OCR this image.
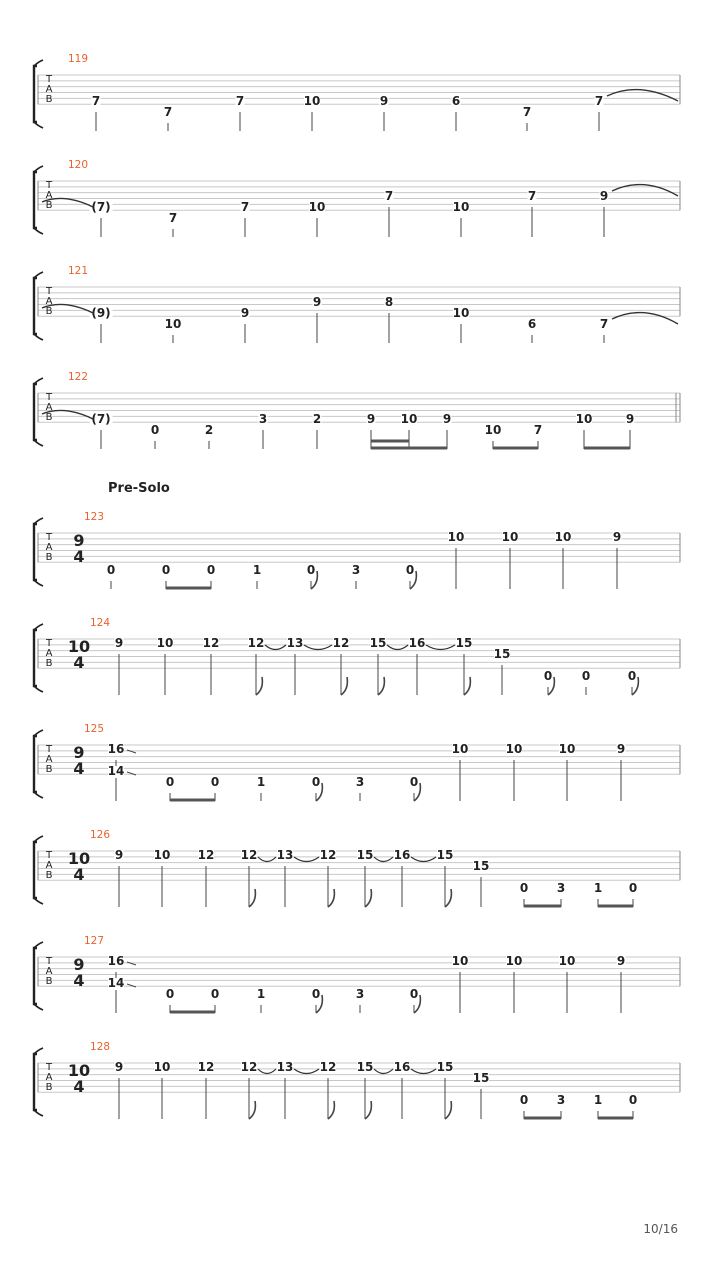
Pre-Solo
T
A
B
119
7
7
7	10	9	6
7
7
T
A
B
120
(7)
7
7	10
7
10
7	9
T
A
B
121
(9)
10
9
9	8
10
6	7
T
A
B
122
(7)
0	2
3	2	9 10 9
10	7
10	9
T
A
B
123
9
4
0	0	0	1	0	3	0
10	10	10	9
T
A
B
124
10
4
9	10 12 12 13 12 15 16	15
15
0 0	0
T
A
B
125
9
4
16
14
0	0	1	0	3	0
10	10	10	9
T
A
B
126
10
4
9	10 12 12 13 12 15 16 15
15
0 3 1 0
T
A
B
127
9
4
16
14
0	0	1	0	3	0
10	10	10	9
T
A
B
128
10
4
9	10 12 12 13 12 15 16 15
15
0 3 1 0
10/16
